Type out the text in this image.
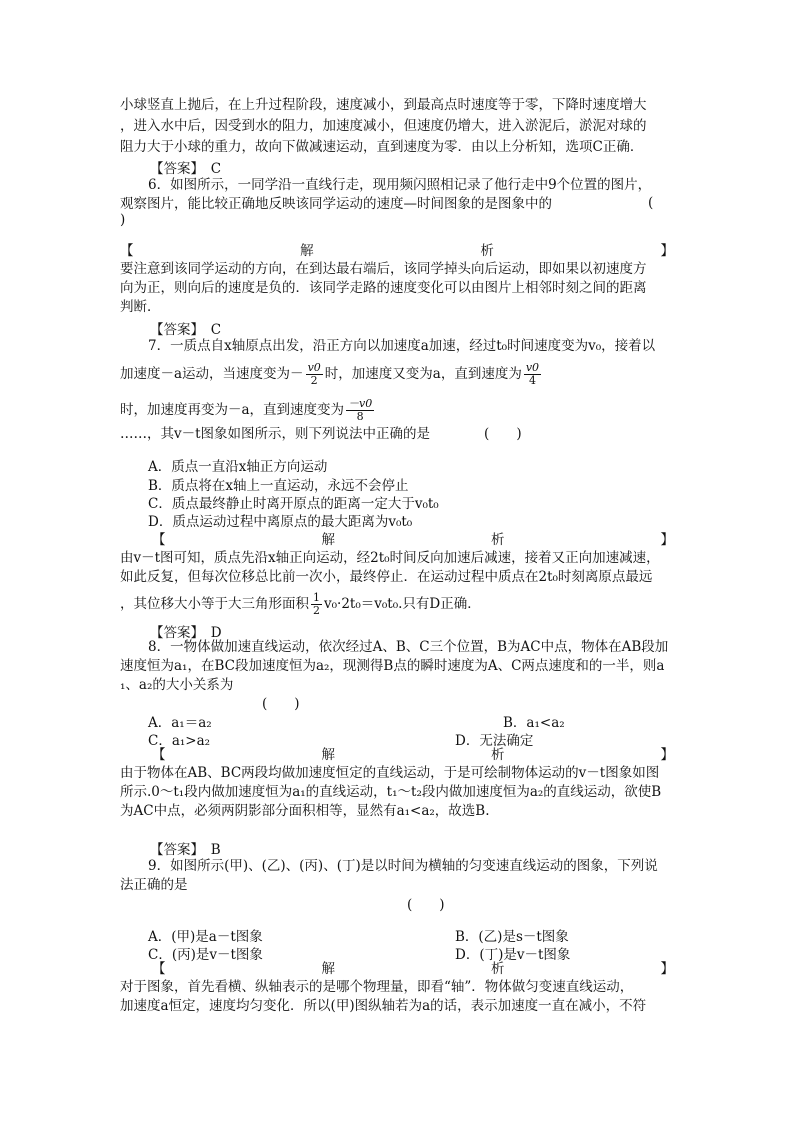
小球竖直上抛后，在上升过程阶段，速度减小，到最高点时速度等于零，下降时速度增大
，进入水中后，因受到水的阻力，加速度减小，但速度仍增大，进入淤泥后，淤泥对球的
阻力大于小球的重力，故向下做减速运动，直到速度为零．由以上分析知，选项C正确．
【答案】　C
6．如图所示，一同学沿一直线行走，现用频闪照相记录了他行走中9个位置的图片，
观察图片，能比较正确地反映该同学运动的速度—时间图象的是图象中的	(
)
【	解	析	】
要注意到该同学运动的方向，在到达最右端后，该同学掉头向后运动，即如果以初速度方
向为正，则向后的速度是负的．该同学走路的速度变化可以由图片上相邻时刻之间的距离
判断．
【答案】　C
7．一质点自x轴原点出发，沿正方向以加速度a加速，经过t₀时间速度变为v₀，接着以
加速度－a运动，当速度变为－ $\frac{v0}{2}$ 时，加速度又变为a，直到速度为 $\frac{v0}{4}$
时，加速度再变为－a，直到速度变为 $\frac{-v0}{8}$
……，其v－t图象如图所示，则下列说法中正确的是　　　　(　　)
A．质点一直沿x轴正方向运动
B．质点将在x轴上一直运动，永远不会停止
C．质点最终静止时离开原点的距离一定大于v₀t₀
D．质点运动过程中离原点的最大距离为v₀t₀
【	解	析	】
由v－t图可知，质点先沿x轴正向运动，经2t₀时间反向加速后减速，接着又正向加速减速，
如此反复，但每次位移总比前一次小，最终停止．在运动过程中质点在2t₀时刻离原点最远
，其位移大小等于大三角形面积 $\frac{1}{2} v_0\cdot 2t_0=v_0t_0$.只有D正确．
【答案】　D
8．一物体做加速直线运动，依次经过A、B、C三个位置，B为AC中点，物体在AB段加
速度恒为a₁，在BC段加速度恒为a₂，现测得B点的瞬时速度为A、C两点速度和的一半，则a
₁、a₂的大小关系为
(　　)
A．a₁＝a₂	B．a₁<a₂
C．a₁>a₂	D．无法确定
【	解	析	】
由于物体在AB、BC两段均做加速度恒定的直线运动，于是可绘制物体运动的v－t图象如图
所示.0～t₁段内做加速度恒为a₁的直线运动，t₁～t₂段内做加速度恒为a₂的直线运动，欲使B
为AC中点，必须两阴影部分面积相等，显然有a₁<a₂，故选B.
【答案】　B
9．如图所示(甲)、(乙)、(丙)、(丁)是以时间为横轴的匀变速直线运动的图象，下列说
法正确的是
(　　)
A．(甲)是a－t图象	B．(乙)是s－t图象
C．(丙)是v－t图象	D．(丁)是v－t图象
【	解	析	】
对于图象，首先看横、纵轴表示的是哪个物理量，即看“轴”．物体做匀变速直线运动，
加速度a恒定，速度均匀变化．所以(甲)图纵轴若为a的话，表示加速度一直在减小，不符
